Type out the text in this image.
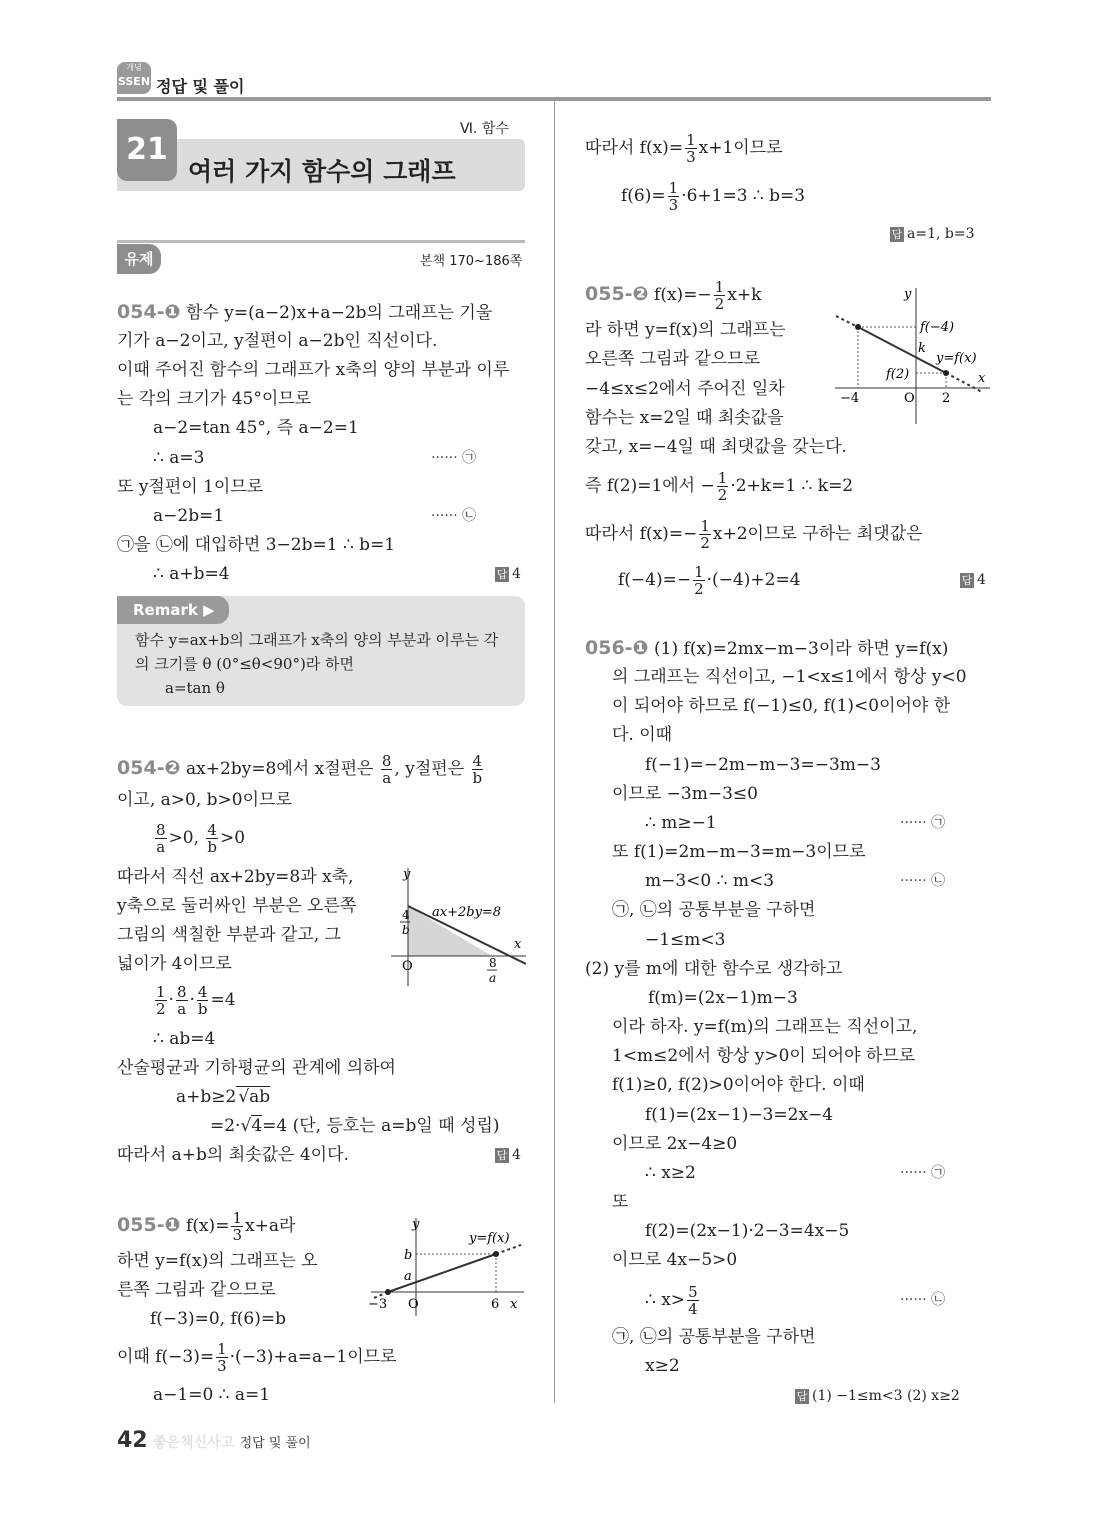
개념
SSEN 정답 및 풀이
21
Ⅵ. 함수
여러 가지 함수의 그래프
유제	본책 170~186쪽
054-❶ 함수 y=(a−2)x+a−2b의 그래프는 기울
기가 a−2이고, y절편이 a−2b인 직선이다.
이때 주어진 함수의 그래프가 x축의 양의 부분과 이루
는 각의 크기가 45°이므로
a−2=tan 45°, 즉 a−2=1
∴ a=3	······ ㉠
또 y절편이 1이므로
a−2b=1	······ ㉡
㉠을 ㉡에 대입하면 3−2b=1 ∴ b=1
∴ a+b=4	답 4
Remark ▶
함수 y=ax+b의 그래프가 x축의 양의 부분과 이루는 각
의 크기를 θ (0°≤θ<90°)라 하면
a=tan θ
054-❷ ax+2by=8에서 x절편은 $\frac{8}{a}$ , y절편은 $\frac{4}{b}$
이고, a>0, b>0이므로
$\frac{8}{a} >0$, $\frac{4}{b} >0$
따라서 직선 ax+2by=8과 x축,
y축으로 둘러싸인 부분은 오른쪽
그림의 색칠한 부분과 같고, 그
넓이가 4이므로
$\frac{1}{2} \cdot \frac{8}{a} \cdot \frac{4}{b} =4$
∴ ab=4
산술평균과 기하평균의 관계에 의하여
a+b≥2 √ab
=2·√4=4 (단, 등호는 a=b일 때 성립)
따라서 a+b의 최솟값은 4이다.	답 4
y
x
O
ax+2by=8
4
b
8
a
055-❶ $f(x)= \frac{1}{3} x+a$라
하면 y=f(x)의 그래프는 오
른쪽 그림과 같으므로
f(−3)=0, f(6)=b
이때 $f(-3)= \frac{1}{3} \cdot(-3)+a=a-1$이므로
a−1=0 ∴ a=1
y
y=f(x)
b
a
−3 O	6 x
따라서 $f(x)= \frac{1}{3} x+1$이므로
$f(6)= \frac{1}{3} \cdot 6+1=3$ ∴ b=3
답 a=1, b=3
055-❷ $f(x)=- \frac{1}{2} x+k$
라 하면 y=f(x)의 그래프는
오른쪽 그림과 같으므로
−4≤x≤2에서 주어진 일차
함수는 x=2일 때 최솟값을
갖고, x=−4일 때 최댓값을 갖는다.
즉 f(2)=1에서 − $\frac{1}{2} \cdot 2+k=1$ ∴ k=2
따라서 $f(x)=- \frac{1}{2} x+2$이므로 구하는 최댓값은
$f(-4)=- \frac{1}{2} \cdot(-4)+2=4$	답 4
y
f(−4)
k
y=f(x)
f(2)	x
−4	O 2
056-❶ (1) f(x)=2mx−m−3이라 하면 y=f(x)
의 그래프는 직선이고, −1<x≤1에서 항상 y<0
이 되어야 하므로 f(−1)≤0, f(1)<0이어야 한
다. 이때
f(−1)=−2m−m−3=−3m−3
이므로 −3m−3≤0
∴ m≥−1	······ ㉠
또 f(1)=2m−m−3=m−3이므로
m−3<0 ∴ m<3	······ ㉡
㉠, ㉡의 공통부분을 구하면
−1≤m<3
(2) y를 m에 대한 함수로 생각하고
f(m)=(2x−1)m−3
이라 하자. y=f(m)의 그래프는 직선이고,
1<m≤2에서 항상 y>0이 되어야 하므로
f(1)≥0, f(2)>0이어야 한다. 이때
f(1)=(2x−1)−3=2x−4
이므로 2x−4≥0
∴ x≥2	······ ㉠
또
f(2)=(2x−1)·2−3=4x−5
이므로 4x−5>0
∴ $x> \frac{5}{4}$	······ ㉡
㉠, ㉡의 공통부분을 구하면
x≥2
답 (1) −1≤m<3 (2) x≥2
42 좋은책신사고 정답 및 풀이
